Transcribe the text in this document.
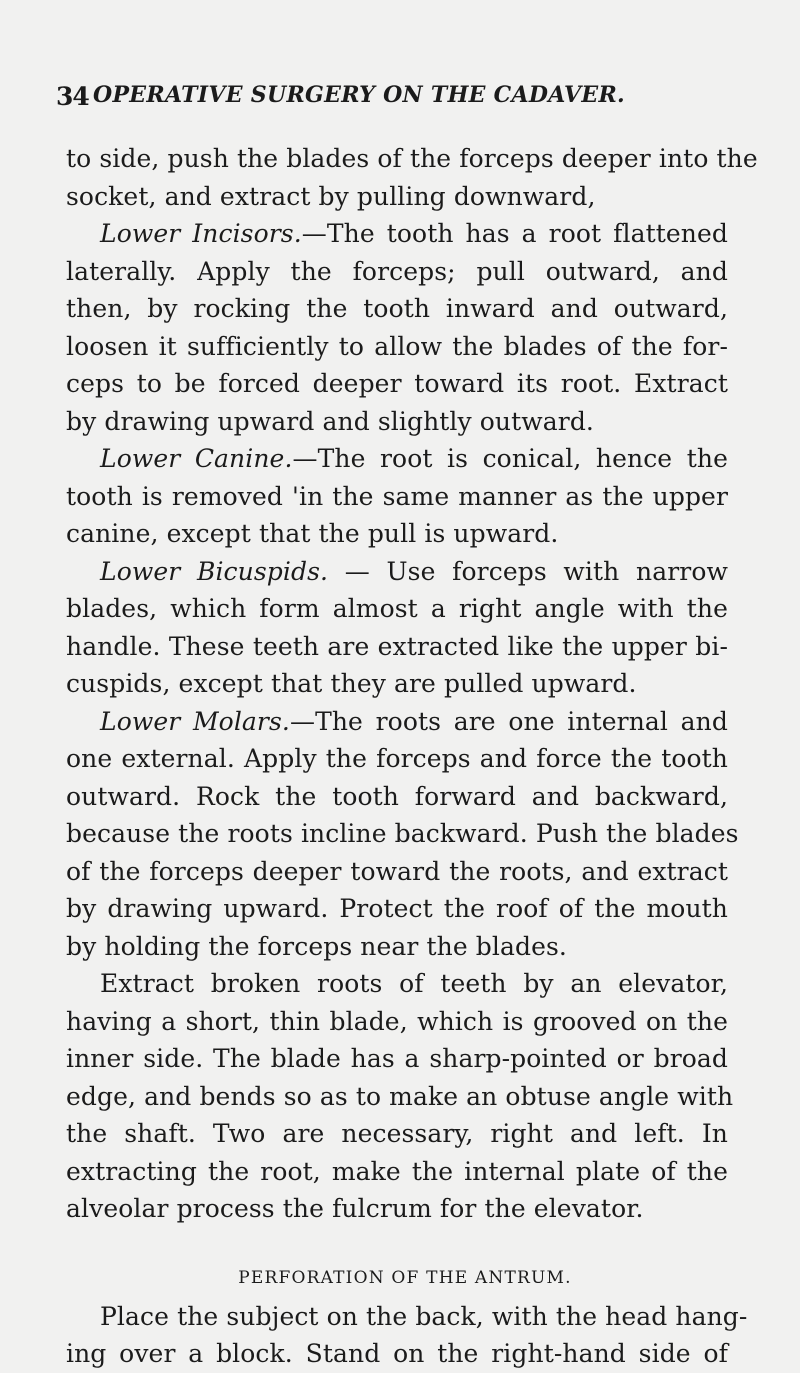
34 OPERATIVE SURGERY ON THE CADAVER.
to side, push the blades of the forceps deeper into the
socket, and extract by pulling downward,
Lower Incisors.—The tooth has a root flattened
laterally. Apply the forceps; pull outward, and
then, by rocking the tooth inward and outward,
loosen it sufficiently to allow the blades of the for-
ceps to be forced deeper toward its root. Extract
by drawing upward and slightly outward.
Lower Canine.—The root is conical, hence the
tooth is removed 'in the same manner as the upper
canine, except that the pull is upward.
Lower Bicuspids. — Use forceps with narrow
blades, which form almost a right angle with the
handle. These teeth are extracted like the upper bi-
cuspids, except that they are pulled upward.
Lower Molars.—The roots are one internal and
one external. Apply the forceps and force the tooth
outward. Rock the tooth forward and backward,
because the roots incline backward. Push the blades
of the forceps deeper toward the roots, and extract
by drawing upward. Protect the roof of the mouth
by holding the forceps near the blades.
Extract broken roots of teeth by an elevator,
having a short, thin blade, which is grooved on the
inner side. The blade has a sharp-pointed or broad
edge, and bends so as to make an obtuse angle with
the shaft. Two are necessary, right and left. In
extracting the root, make the internal plate of the
alveolar process the fulcrum for the elevator.
PERFORATION OF THE ANTRUM.
Place the subject on the back, with the head hang-
ing over a block. Stand on the right-hand side of
